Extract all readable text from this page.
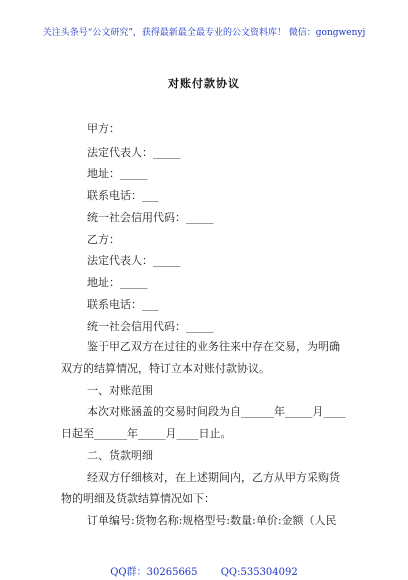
关注头条号“公文研究”，获得最新最全最专业的公文资料库！ 微信：gongwenyj
对账付款协议
甲方：
法定代表人：_____
地址：_____
联系电话：___
统一社会信用代码：_____
乙方：
法定代表人：_____
地址：_____
联系电话：___
统一社会信用代码：_____
鉴于甲乙双方在过往的业务往来中存在交易，为明确
双方的结算情况，特订立本对账付款协议。
一、对账范围
本次对账涵盖的交易时间段为自______年_____月____
日起至______年_____月____日止。
二、货款明细
经双方仔细核对，在上述期间内，乙方从甲方采购货
物的明细及货款结算情况如下：
订单编号:货物名称:规格型号:数量:单价:金额（人民
QQ群：30265665 QQ:535304092
